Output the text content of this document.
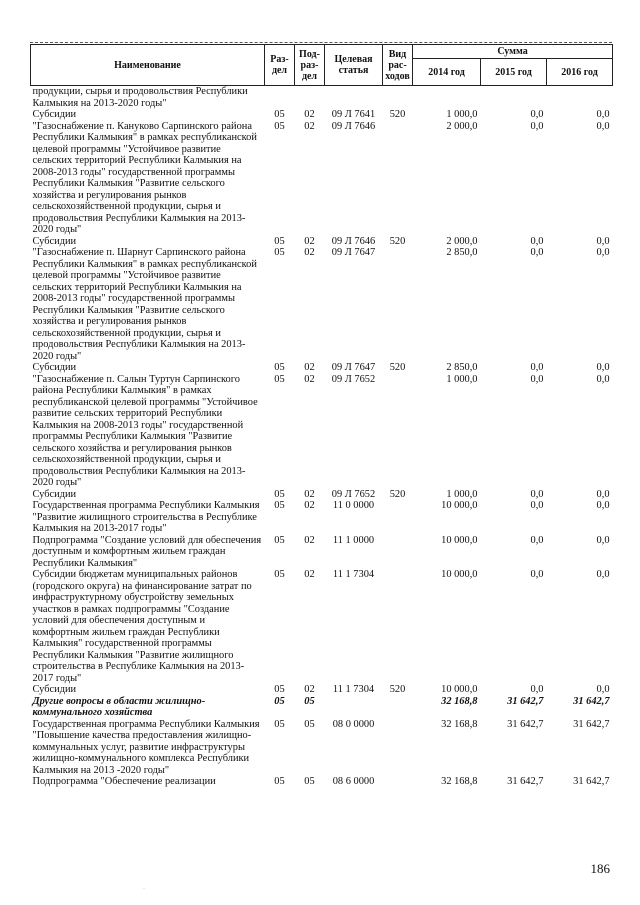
Наименование	Раз-дел	Под-раз-дел	Целевая статья	Вид рас-ходов	Сумма		
					2014 год	2015 год	2016 год
продукции, сырья и продовольствия Республики Калмыкия на 2013-2020 годы"							
Субсидии	05	02	09 Л 7641	520	1 000,0	0,0	0,0
"Газоснабжение п. Кануково Сарпинского района Республики Калмыкия" в рамках республиканской целевой программы "Устойчивое развитие сельских территорий Республики Калмыкия на 2008-2013 годы" государственной программы Республики Калмыкия "Развитие сельского хозяйства и регулирования рынков сельскохозяйственной продукции, сырья и продовольствия Республики Калмыкия на 2013-2020 годы"	05	02	09 Л 7646		2 000,0	0,0	0,0
Субсидии	05	02	09 Л 7646	520	2 000,0	0,0	0,0
"Газоснабжение п. Шарнут Сарпинского района Республики Калмыкия" в рамках республиканской целевой программы "Устойчивое развитие сельских территорий Республики Калмыкия на 2008-2013 годы" государственной программы Республики Калмыкия "Развитие сельского хозяйства и регулирования рынков сельскохозяйственной продукции, сырья и продовольствия Республики Калмыкия на 2013-2020 годы"	05	02	09 Л 7647		2 850,0	0,0	0,0
Субсидии	05	02	09 Л 7647	520	2 850,0	0,0	0,0
"Газоснабжение п. Салын Туртун Сарпинского района Республики Калмыкия" в рамках республиканской целевой программы "Устойчивое развитие сельских территорий Республики Калмыкия на 2008-2013 годы" государственной программы Республики Калмыкия "Развитие сельского хозяйства и регулирования рынков сельскохозяйственной продукции, сырья и продовольствия Республики Калмыкия на 2013-2020 годы"	05	02	09 Л 7652		1 000,0	0,0	0,0
Субсидии	05	02	09 Л 7652	520	1 000,0	0,0	0,0
Государственная программа Республики Калмыкия "Развитие жилищного строительства в Республике Калмыкия на 2013-2017 годы"	05	02	11 0 0000		10 000,0	0,0	0,0
Подпрограмма "Создание условий для обеспечения доступным и комфортным жильем граждан Республики Калмыкия"	05	02	11 1 0000		10 000,0	0,0	0,0
Субсидии бюджетам муниципальных районов (городского округа) на финансирование затрат по инфраструктурному обустройству земельных участков в рамках подпрограммы "Создание условий для обеспечения доступным и комфортным жильем граждан Республики Калмыкия" государственной программы Республики Калмыкия "Развитие жилищного строительства в Республике Калмыкия на 2013-2017 годы"	05	02	11 1 7304		10 000,0	0,0	0,0
Субсидии	05	02	11 1 7304	520	10 000,0	0,0	0,0
Другие вопросы в области жилищно-коммунального хозяйства	05	05			32 168,8	31 642,7	31 642,7
Государственная программа Республики Калмыкия "Повышение качества предоставления жилищно-коммунальных услуг, развитие инфраструктуры жилищно-коммунального комплекса Республики Калмыкия на 2013 -2020 годы"	05	05	08 0 0000		32 168,8	31 642,7	31 642,7
Подпрограмма "Обеспечение реализации	05	05	08 6 0000		32 168,8	31 642,7	31 642,7
186
·
